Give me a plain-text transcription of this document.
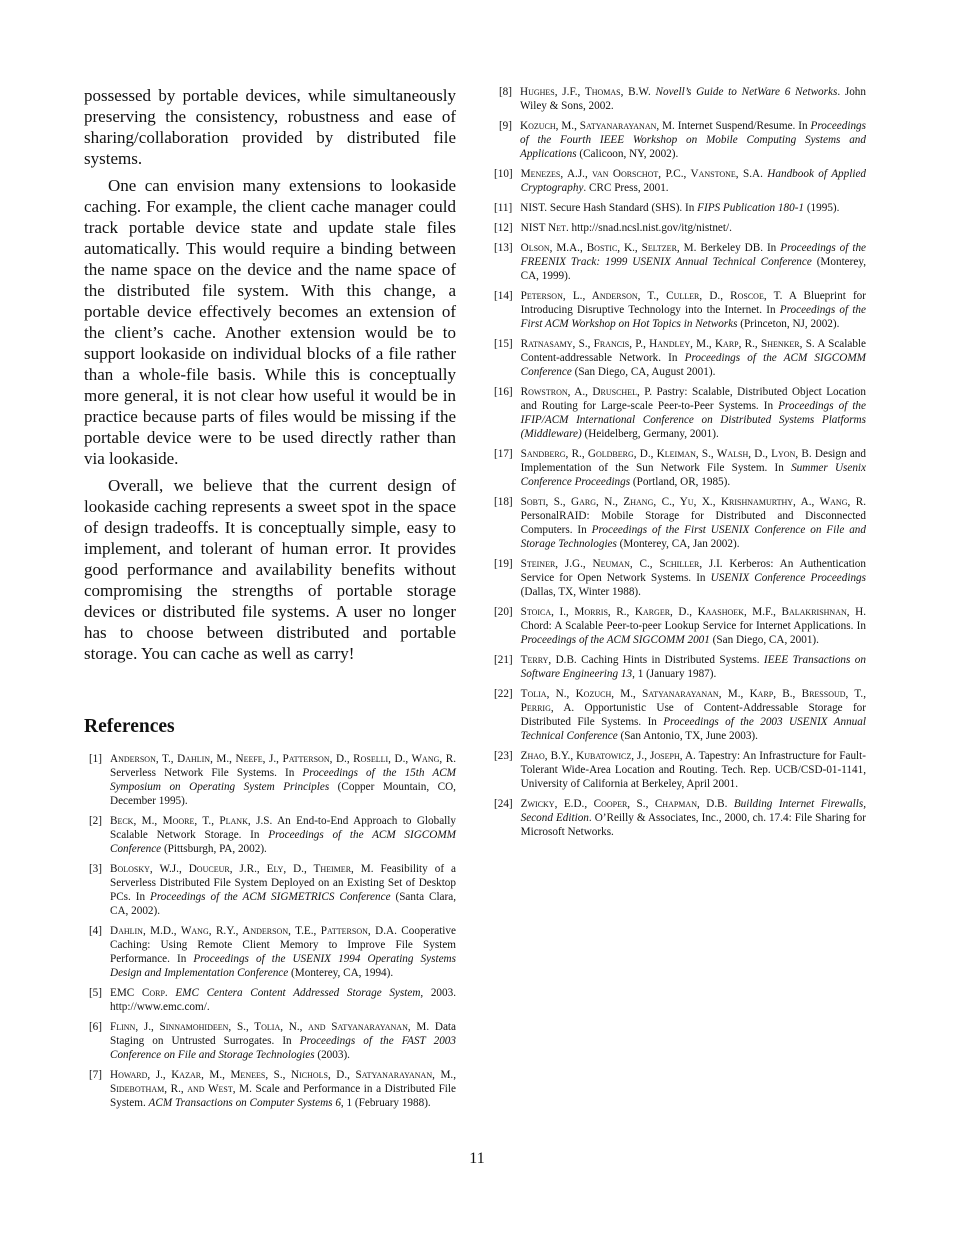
possessed by portable devices, while simultaneously preserving the consistency, robustness and ease of sharing/collaboration provided by distributed file systems.

One can envision many extensions to lookaside caching. For example, the client cache manager could track portable device state and update stale files automatically. This would require a binding between the name space on the device and the name space of the distributed file system. With this change, a portable device effectively becomes an extension of the client’s cache. Another extension would be to support lookaside on individual blocks of a file rather than a whole-file basis. While this is conceptually more general, it is not clear how useful it would be in practice because parts of files would be missing if the portable device were to be used directly rather than via lookaside.

Overall, we believe that the current design of lookaside caching represents a sweet spot in the space of design tradeoffs. It is conceptually simple, easy to implement, and tolerant of human error. It provides good performance and availability benefits without compromising the strengths of portable storage devices or distributed file systems. A user no longer has to choose between distributed and portable storage. You can cache as well as carry!

References
[1] Anderson, T., Dahlin, M., Neefe, J., Patterson, D., Roselli, D., Wang, R. Serverless Network File Systems. In Proceedings of the 15th ACM Symposium on Operating System Principles (Copper Mountain, CO, December 1995).
[2] Beck, M., Moore, T., Plank, J.S. An End-to-End Approach to Globally Scalable Network Storage. In Proceedings of the ACM SIGCOMM Conference (Pittsburgh, PA, 2002).
[3] Bolosky, W.J., Douceur, J.R., Ely, D., Theimer, M. Feasibility of a Serverless Distributed File System Deployed on an Existing Set of Desktop PCs. In Proceedings of the ACM SIGMETRICS Conference (Santa Clara, CA, 2002).
[4] Dahlin, M.D., Wang, R.Y., Anderson, T.E., Patterson, D.A. Cooperative Caching: Using Remote Client Memory to Improve File System Performance. In Proceedings of the USENIX 1994 Operating Systems Design and Implementation Conference (Monterey, CA, 1994).
[5] EMC Corp. EMC Centera Content Addressed Storage System, 2003. http://www.emc.com/.
[6] Flinn, J., Sinnamohideen, S., Tolia, N., and Satyanarayanan, M. Data Staging on Untrusted Surrogates. In Proceedings of the FAST 2003 Conference on File and Storage Technologies (2003).
[7] Howard, J., Kazar, M., Menees, S., Nichols, D., Satyanarayanan, M., Sidebotham, R., and West, M. Scale and Performance in a Distributed File System. ACM Transactions on Computer Systems 6, 1 (February 1988).
[8] Hughes, J.F., Thomas, B.W. Novell’s Guide to NetWare 6 Networks. John Wiley & Sons, 2002.
[9] Kozuch, M., Satyanarayanan, M. Internet Suspend/Resume. In Proceedings of the Fourth IEEE Workshop on Mobile Computing Systems and Applications (Calicoon, NY, 2002).
[10] Menezes, A.J., van Oorschot, P.C., Vanstone, S.A. Handbook of Applied Cryptography. CRC Press, 2001.
[11] NIST. Secure Hash Standard (SHS). In FIPS Publication 180-1 (1995).
[12] NIST Net. http://snad.ncsl.nist.gov/itg/nistnet/.
[13] Olson, M.A., Bostic, K., Seltzer, M. Berkeley DB. In Proceedings of the FREENIX Track: 1999 USENIX Annual Technical Conference (Monterey, CA, 1999).
[14] Peterson, L., Anderson, T., Culler, D., Roscoe, T. A Blueprint for Introducing Disruptive Technology into the Internet. In Proceedings of the First ACM Workshop on Hot Topics in Networks (Princeton, NJ, 2002).
[15] Ratnasamy, S., Francis, P., Handley, M., Karp, R., Shenker, S. A Scalable Content-addressable Network. In Proceedings of the ACM SIGCOMM Conference (San Diego, CA, August 2001).
[16] Rowstron, A., Druschel, P. Pastry: Scalable, Distributed Object Location and Routing for Large-scale Peer-to-Peer Systems. In Proceedings of the IFIP/ACM International Conference on Distributed Systems Platforms (Middleware) (Heidelberg, Germany, 2001).
[17] Sandberg, R., Goldberg, D., Kleiman, S., Walsh, D., Lyon, B. Design and Implementation of the Sun Network File System. In Summer Usenix Conference Proceedings (Portland, OR, 1985).
[18] Sobti, S., Garg, N., Zhang, C., Yu, X., Krishnamurthy, A., Wang, R. PersonalRAID: Mobile Storage for Distributed and Disconnected Computers. In Proceedings of the First USENIX Conference on File and Storage Technologies (Monterey, CA, Jan 2002).
[19] Steiner, J.G., Neuman, C., Schiller, J.I. Kerberos: An Authentication Service for Open Network Systems. In USENIX Conference Proceedings (Dallas, TX, Winter 1988).
[20] Stoica, I., Morris, R., Karger, D., Kaashoek, M.F., Balakrishnan, H. Chord: A Scalable Peer-to-peer Lookup Service for Internet Applications. In Proceedings of the ACM SIGCOMM 2001 (San Diego, CA, 2001).
[21] Terry, D.B. Caching Hints in Distributed Systems. IEEE Transactions on Software Engineering 13, 1 (January 1987).
[22] Tolia, N., Kozuch, M., Satyanarayanan, M., Karp, B., Bressoud, T., Perrig, A. Opportunistic Use of Content-Addressable Storage for Distributed File Systems. In Proceedings of the 2003 USENIX Annual Technical Conference (San Antonio, TX, June 2003).
[23] Zhao, B.Y., Kubatowicz, J., Joseph, A. Tapestry: An Infrastructure for Fault-Tolerant Wide-Area Location and Routing. Tech. Rep. UCB/CSD-01-1141, University of California at Berkeley, April 2001.
[24] Zwicky, E.D., Cooper, S., Chapman, D.B. Building Internet Firewalls, Second Edition. O’Reilly & Associates, Inc., 2000, ch. 17.4: File Sharing for Microsoft Networks.
11
